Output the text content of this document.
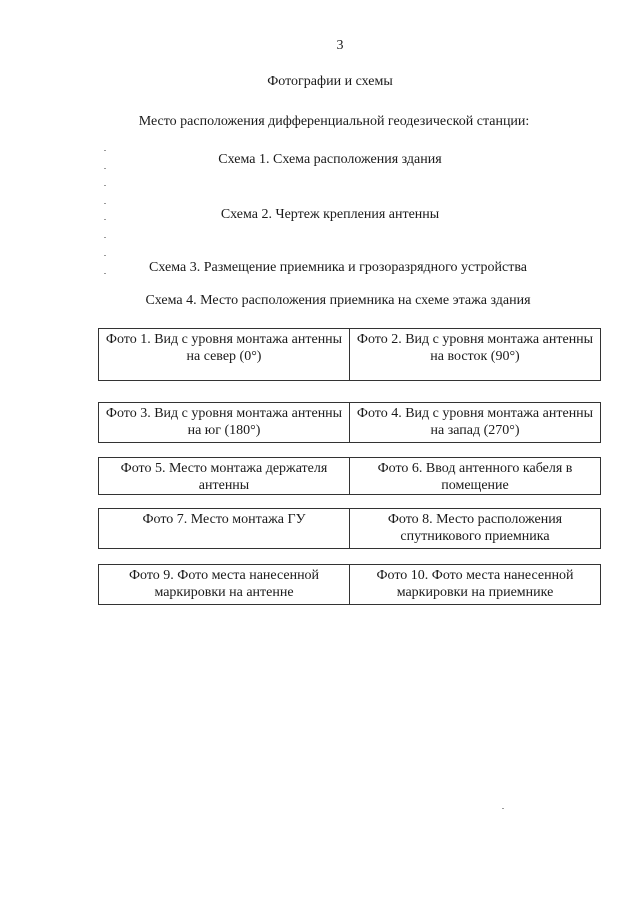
3
Фотографии и схемы
Место расположения дифференциальной геодезической станции:
Схема 1. Схема расположения здания
Схема 2. Чертеж крепления антенны
Схема 3. Размещение приемника и грозоразрядного устройства
Схема 4. Место расположения приемника на схеме этажа здания
Фото 1. Вид с уровня монтажа антенны на север (0°)	Фото 2. Вид с уровня монтажа антенны на восток (90°)
Фото 3. Вид с уровня монтажа антенны на юг (180°)	Фото 4. Вид с уровня монтажа антенны на запад (270°)
Фото 5. Место монтажа держателя антенны	Фото 6. Ввод антенного кабеля в помещение
Фото 7. Место монтажа ГУ	Фото 8. Место расположения спутникового приемника
Фото 9. Фото места нанесенной маркировки на антенне	Фото 10. Фото места нанесенной маркировки на приемнике
